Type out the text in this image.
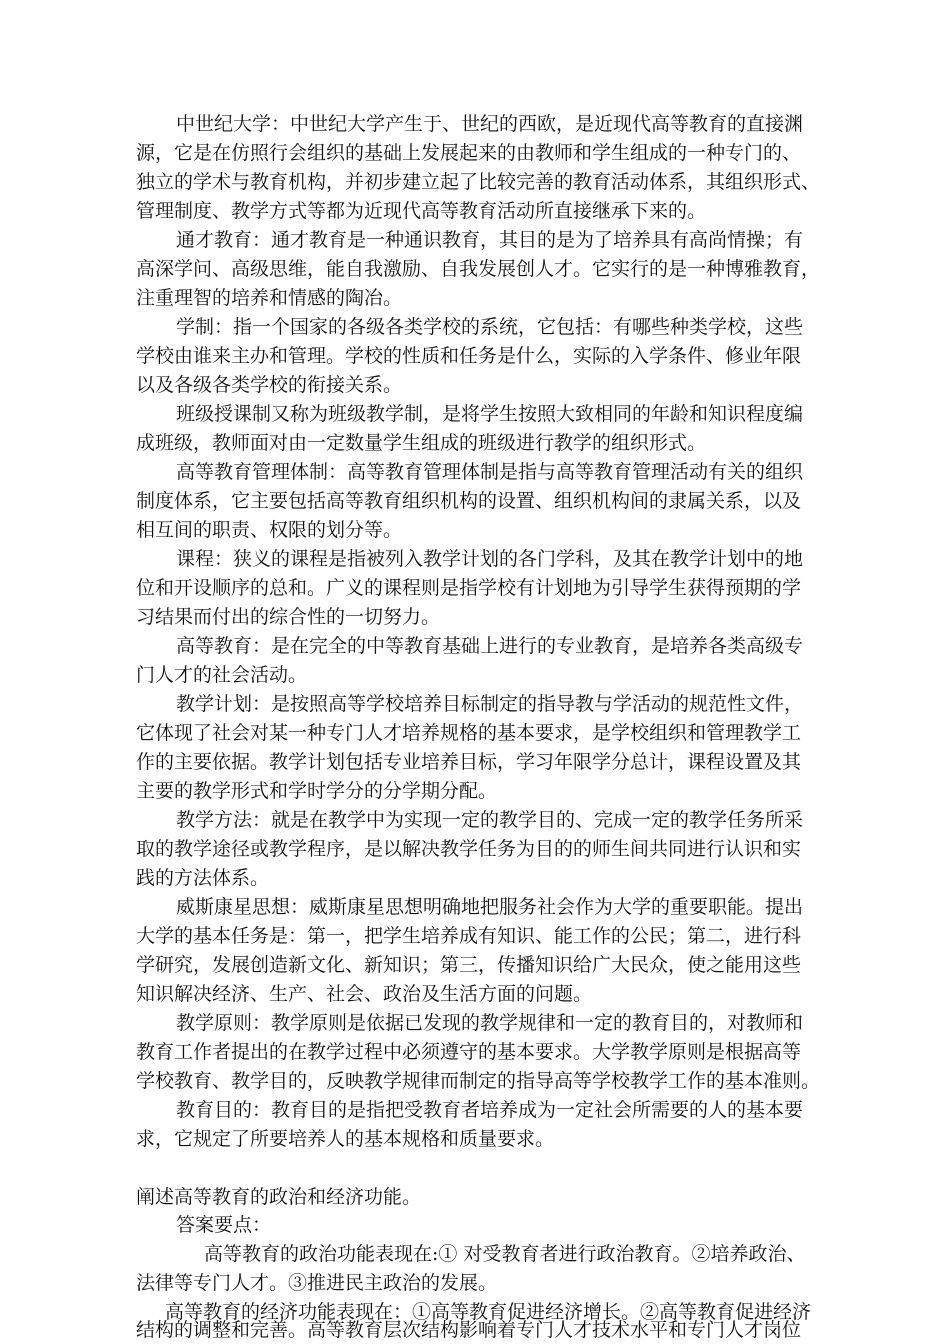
中世纪大学：中世纪大学产生于、世纪的西欧，是近现代高等教育的直接渊
源，它是在仿照行会组织的基础上发展起来的由教师和学生组成的一种专门的、
独立的学术与教育机构，并初步建立起了比较完善的教育活动体系，其组织形式、
管理制度、教学方式等都为近现代高等教育活动所直接继承下来的。
通才教育：通才教育是一种通识教育，其目的是为了培养具有高尚情操；有
高深学问、高级思维，能自我激励、自我发展创人才。它实行的是一种博雅教育，
注重理智的培养和情感的陶冶。
学制：指一个国家的各级各类学校的系统，它包括：有哪些种类学校，这些
学校由谁来主办和管理。学校的性质和任务是什么，实际的入学条件、修业年限
以及各级各类学校的衔接关系。
班级授课制又称为班级教学制，是将学生按照大致相同的年龄和知识程度编
成班级，教师面对由一定数量学生组成的班级进行教学的组织形式。
高等教育管理体制：高等教育管理体制是指与高等教育管理活动有关的组织
制度体系，它主要包括高等教育组织机构的设置、组织机构间的隶属关系，以及
相互间的职责、权限的划分等。
课程：狭义的课程是指被列入教学计划的各门学科，及其在教学计划中的地
位和开设顺序的总和。广义的课程则是指学校有计划地为引导学生获得预期的学
习结果而付出的综合性的一切努力。
高等教育：是在完全的中等教育基础上进行的专业教育，是培养各类高级专
门人才的社会活动。
教学计划：是按照高等学校培养目标制定的指导教与学活动的规范性文件，
它体现了社会对某一种专门人才培养规格的基本要求，是学校组织和管理教学工
作的主要依据。教学计划包括专业培养目标，学习年限学分总计，课程设置及其
主要的教学形式和学时学分的分学期分配。
教学方法：就是在教学中为实现一定的教学目的、完成一定的教学任务所采
取的教学途径或教学程序，是以解决教学任务为目的的师生间共同进行认识和实
践的方法体系。
威斯康星思想：威斯康星思想明确地把服务社会作为大学的重要职能。提出
大学的基本任务是：第一，把学生培养成有知识、能工作的公民；第二，进行科
学研究，发展创造新文化、新知识；第三，传播知识给广大民众，使之能用这些
知识解决经济、生产、社会、政治及生活方面的问题。
教学原则：教学原则是依据已发现的教学规律和一定的教育目的，对教师和
教育工作者提出的在教学过程中必须遵守的基本要求。大学教学原则是根据高等
学校教育、教学目的，反映教学规律而制定的指导高等学校教学工作的基本准则。
教育目的：教育目的是指把受教育者培养成为一定社会所需要的人的基本要
求，它规定了所要培养人的基本规格和质量要求。
阐述高等教育的政治和经济功能。
答案要点：
高等教育的政治功能表现在:① 对受教育者进行政治教育。②培养政治、
法律等专门人才。③推进民主政治的发展。
高等教育的经济功能表现在：①高等教育促进经济增长。②高等教育促进经济
结构的调整和完善。高等教育层次结构影响着专门人才技术水平和专门人才岗位
